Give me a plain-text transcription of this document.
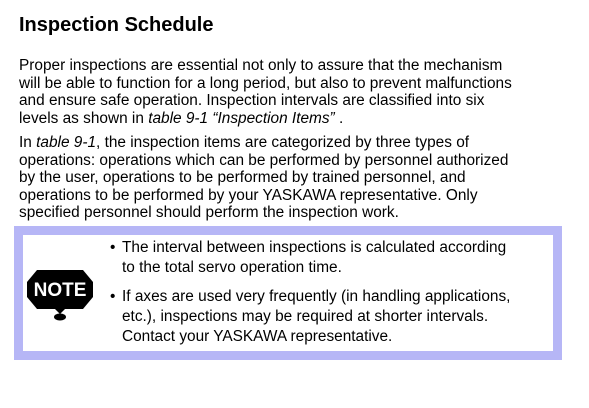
Inspection Schedule

Proper inspections are essential not only to assure that the mechanism
will be able to function for a long period, but also to prevent malfunctions
and ensure safe operation. Inspection intervals are classified into six
levels as shown in table 9-1 “Inspection Items” .

In table 9-1, the inspection items are categorized by three types of
operations: operations which can be performed by personnel authorized
by the user, operations to be performed by trained personnel, and
operations to be performed by your YASKAWA representative. Only
specified personnel should perform the inspection work.

NOTE
• The interval between inspections is calculated according
to the total servo operation time.
• If axes are used very frequently (in handling applications,
etc.), inspections may be required at shorter intervals.
Contact your YASKAWA representative.
